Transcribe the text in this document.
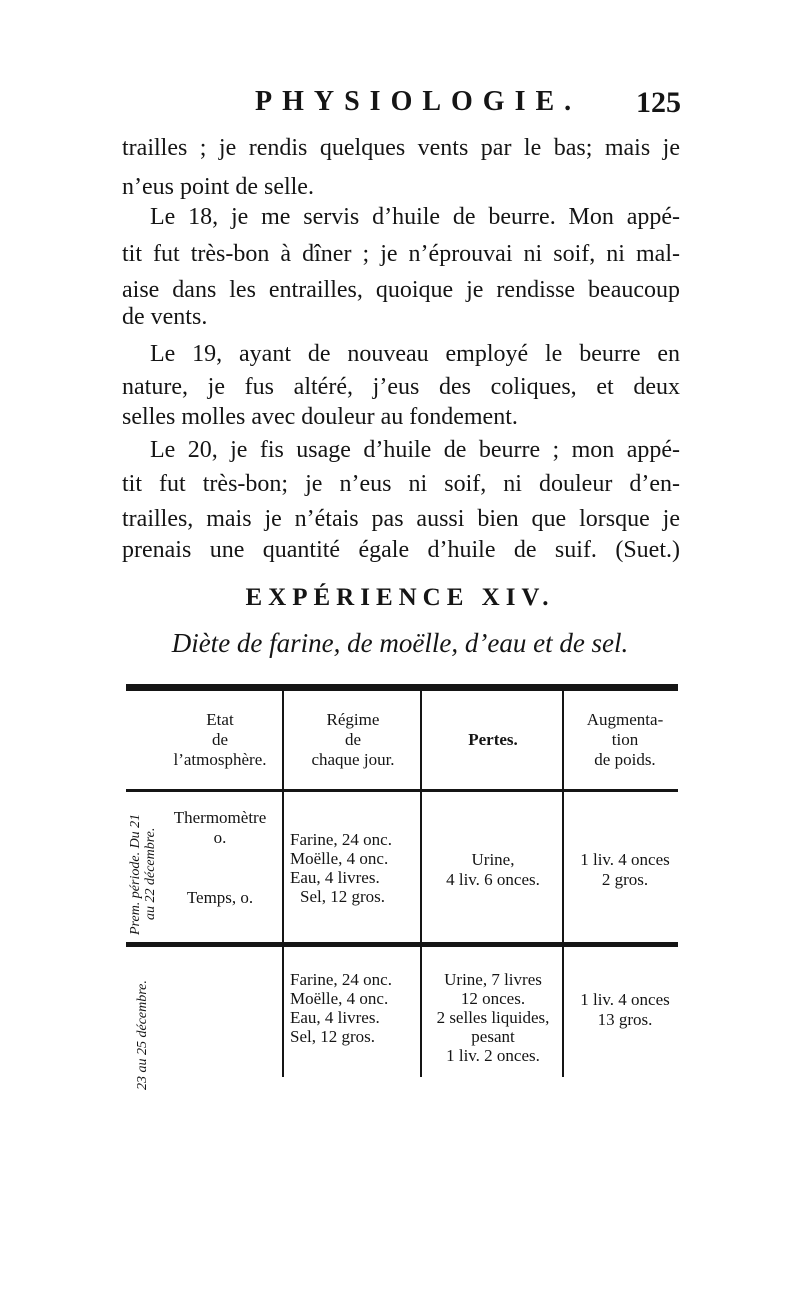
PHYSIOLOGIE. 125
trailles ; je rendis quelques vents par le bas; mais je
n’eus point de selle.
Le 18, je me servis d’huile de beurre. Mon appé-
tit fut très-bon à dîner ; je n’éprouvai ni soif, ni mal-
aise dans les entrailles, quoique je rendisse beaucoup
de vents.
Le 19, ayant de nouveau employé le beurre en
nature, je fus altéré, j’eus des coliques, et deux
selles molles avec douleur au fondement.
Le 20, je fis usage d’huile de beurre ; mon appé-
tit fut très-bon; je n’eus ni soif, ni douleur d’en-
trailles, mais je n’étais pas aussi bien que lorsque je
prenais une quantité égale d’huile de suif. (Suet.)
EXPÉRIENCE XIV.
Diète de farine, de moëlle, d’eau et de sel.
Etat
de
l’atmosphère.
Régime
de
chaque jour.
Pertes.
Augmenta-
tion
de poids.
Prem. période. Du 21 au 22 décembre.
Thermomètre
o.
Temps, o.
Farine, 24 onc.
Moëlle, 4 onc.
Eau, 4 livres.
Sel, 12 gros.
Urine,
4 liv. 6 onces.
1 liv. 4 onces
2 gros.
23 au 25 décembre.
Farine, 24 onc.
Moëlle, 4 onc.
Eau, 4 livres.
Sel, 12 gros.
Urine, 7 livres
12 onces.
2 selles liquides,
pesant
1 liv. 2 onces.
1 liv. 4 onces
13 gros.
